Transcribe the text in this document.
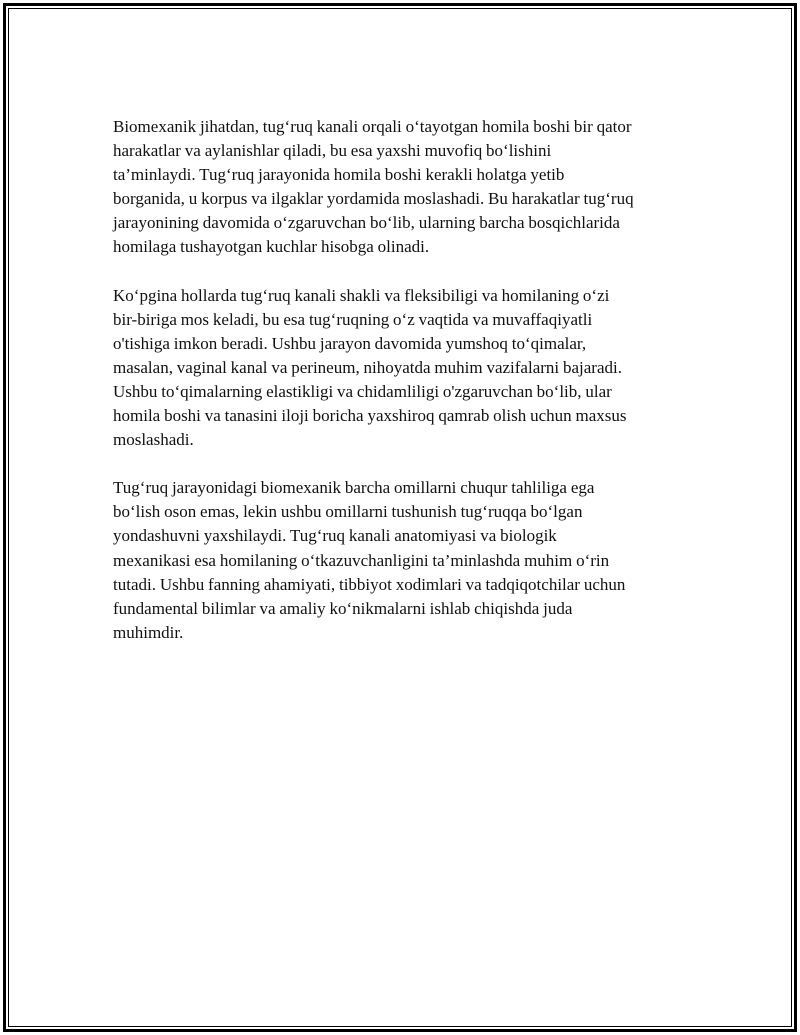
Biomexanik jihatdan, tug‘ruq kanali orqali o‘tayotgan homila boshi bir qator
harakatlar va aylanishlar qiladi, bu esa yaxshi muvofiq bo‘lishini
ta’minlaydi. Tug‘ruq jarayonida homila boshi kerakli holatga yetib
borganida, u korpus va ilgaklar yordamida moslashadi. Bu harakatlar tug‘ruq
jarayonining davomida o‘zgaruvchan bo‘lib, ularning barcha bosqichlarida
homilaga tushayotgan kuchlar hisobga olinadi.

Ko‘pgina hollarda tug‘ruq kanali shakli va fleksibiligi va homilaning o‘zi
bir-biriga mos keladi, bu esa tug‘ruqning o‘z vaqtida va muvaffaqiyatli
o'tishiga imkon beradi. Ushbu jarayon davomida yumshoq to‘qimalar,
masalan, vaginal kanal va perineum, nihoyatda muhim vazifalarni bajaradi.
Ushbu to‘qimalarning elastikligi va chidamliligi o'zgaruvchan bo‘lib, ular
homila boshi va tanasini iloji boricha yaxshiroq qamrab olish uchun maxsus
moslashadi.

Tug‘ruq jarayonidagi biomexanik barcha omillarni chuqur tahliliga ega
bo‘lish oson emas, lekin ushbu omillarni tushunish tug‘ruqqa bo‘lgan
yondashuvni yaxshilaydi. Tug‘ruq kanali anatomiyasi va biologik
mexanikasi esa homilaning o‘tkazuvchanligini ta’minlashda muhim o‘rin
tutadi. Ushbu fanning ahamiyati, tibbiyot xodimlari va tadqiqotchilar uchun
fundamental bilimlar va amaliy ko‘nikmalarni ishlab chiqishda juda
muhimdir.
